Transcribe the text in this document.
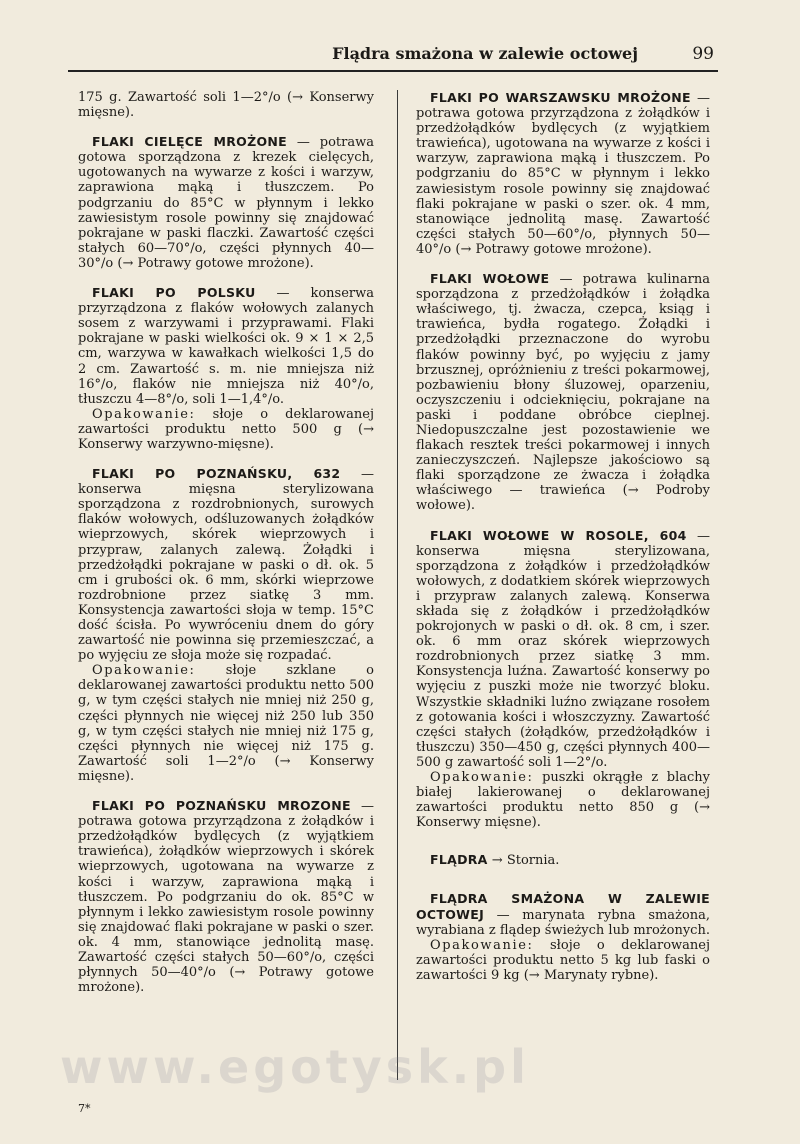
Flądra smażona w zalewie octowej	99

175 g. Zawartość soli 1—2°/o (→ Konserwy mięsne).

FLAKI CIELĘCE MROŻONE — potrawa gotowa sporządzona z krezek cielęcych, ugotowanych na wywarze z kości i warzyw, zaprawiona mąką i tłuszczem. Po podgrzaniu do 85°C w płynnym i lekko zawiesistym rosole powinny się znajdować pokrajane w paski flaczki. Zawartość części stałych 60—70°/o, części płynnych 40—30°/o (→ Potrawy gotowe mrożone).

FLAKI PO POLSKU — konserwa przyrządzona z flaków wołowych zalanych sosem z warzywami i przyprawami. Flaki pokrajane w paski wielkości ok. 9 × 1 × 2,5 cm, warzywa w kawałkach wielkości 1,5 do 2 cm. Zawartość s. m. nie mniejsza niż 16°/o, flaków nie mniejsza niż 40°/o, tłuszczu 4—8°/o, soli 1—1,4°/o.

Opakowanie: słoje o deklarowanej zawartości produktu netto 500 g (→ Konserwy warzywno-mięsne).

FLAKI PO POZNAŃSKU, 632 — konserwa mięsna sterylizowana sporządzona z rozdrobnionych, surowych flaków wołowych, odśluzowanych żołądków wieprzowych, skórek wieprzowych i przypraw, zalanych zalewą. Żołądki i przedżołądki pokrajane w paski o dł. ok. 5 cm i grubości ok. 6 mm, skórki wieprzowe rozdrobnione przez siatkę 3 mm. Konsystencja zawartości słoja w temp. 15°C dość ścisła. Po wywróceniu dnem do góry zawartość nie powinna się przemieszczać, a po wyjęciu ze słoja może się rozpadać.

Opakowanie: słoje szklane o deklarowanej zawartości produktu netto 500 g, w tym części stałych nie mniej niż 250 g, części płynnych nie więcej niż 250 lub 350 g, w tym części stałych nie mniej niż 175 g, części płynnych nie więcej niż 175 g. Zawartość soli 1—2°/o (→ Konserwy mięsne).

FLAKI PO POZNAŃSKU MROZONE — potrawa gotowa przyrządzona z żołądków i przedżołądków bydlęcych (z wyjątkiem trawieńca), żołądków wieprzowych i skórek wieprzowych, ugotowana na wywarze z kości i warzyw, zaprawiona mąką i tłuszczem. Po podgrzaniu do ok. 85°C w płynnym i lekko zawiesistym rosole powinny się znajdować flaki pokrajane w paski o szer. ok. 4 mm, stanowiące jednolitą masę. Zawartość części stałych 50—60°/o, części płynnych 50—40°/o (→ Potrawy gotowe mrożone).

FLAKI PO WARSZAWSKU MROŻONE — potrawa gotowa przyrządzona z żołądków i przedżołądków bydlęcych (z wyjątkiem trawieńca), ugotowana na wywarze z kości i warzyw, zaprawiona mąką i tłuszczem. Po podgrzaniu do 85°C w płynnym i lekko zawiesistym rosole powinny się znajdować flaki pokrajane w paski o szer. ok. 4 mm, stanowiące jednolitą masę. Zawartość części stałych 50—60°/o, płynnych 50—40°/o (→ Potrawy gotowe mrożone).

FLAKI WOŁOWE — potrawa kulinarna sporządzona z przedżołądków i żołądka właściwego, tj. żwacza, czepca, ksiąg i trawieńca, bydła rogatego. Żołądki i przedżołądki przeznaczone do wyrobu flaków powinny być, po wyjęciu z jamy brzusznej, opróżnieniu z treści pokarmowej, pozbawieniu błony śluzowej, oparzeniu, oczyszczeniu i odcieknięciu, pokrajane na paski i poddane obróbce cieplnej. Niedopuszczalne jest pozostawienie we flakach resztek treści pokarmowej i innych zanieczyszczeń. Najlepsze jakościowo są flaki sporządzone ze żwacza i żołądka właściwego — trawieńca (→ Podroby wołowe).

FLAKI WOŁOWE W ROSOLE, 604 — konserwa mięsna sterylizowana, sporządzona z żołądków i przedżołądków wołowych, z dodatkiem skórek wieprzowych i przypraw zalanych zalewą. Konserwa składa się z żołądków i przedżołądków pokrojonych w paski o dł. ok. 8 cm, i szer. ok. 6 mm oraz skórek wieprzowych rozdrobnionych przez siatkę 3 mm. Konsystencja luźna. Zawartość konserwy po wyjęciu z puszki może nie tworzyć bloku. Wszystkie składniki luźno związane rosołem z gotowania kości i włoszczyzny. Zawartość części stałych (żołądków, przedżołądków i tłuszczu) 350—450 g, części płynnych 400—500 g zawartość soli 1—2°/o.

Opakowanie: puszki okrągłe z blachy białej lakierowanej o deklarowanej zawartości produktu netto 850 g (→ Konserwy mięsne).

FLĄDRA → Stornia.

FLĄDRA SMAŻONA W ZALEWIE OCTOWEJ — marynata rybna smażona, wyrabiana z flądер świeżych lub mrożonych.

Opakowanie: słoje o deklarowanej zawartości produktu netto 5 kg lub faski o zawartości 9 kg (→ Marynaty rybne).

7*
www.egotysk.pl
